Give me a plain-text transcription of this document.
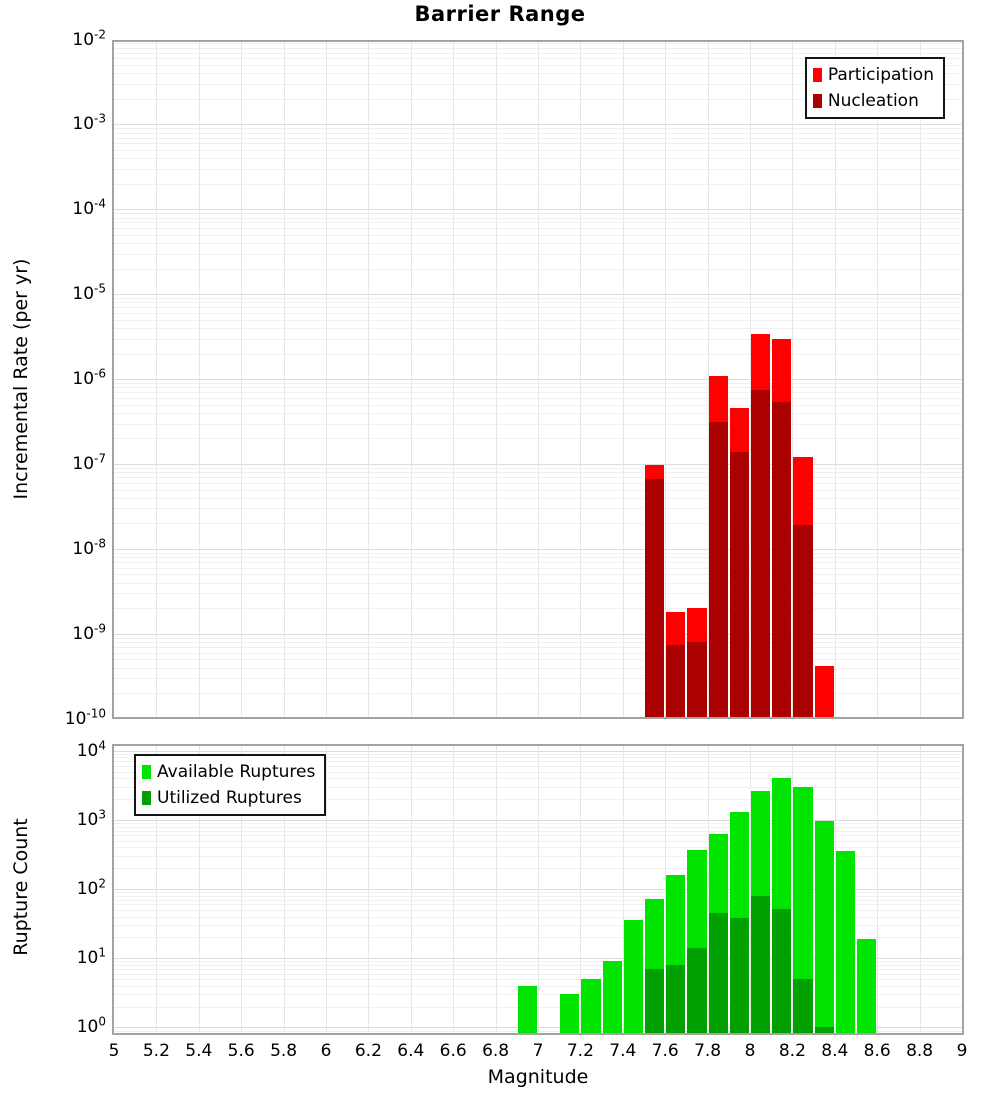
Barrier Range
Incremental Rate (per yr)
Rupture Count
Participation
Nucleation
Available Ruptures
Utilized Ruptures
Magnitude
$10^{-2}$
$10^{-3}$
$10^{-4}$
$10^{-5}$
$10^{-6}$
$10^{-7}$
$10^{-8}$
$10^{-9}$
$10^{-10}$
$10^4$
$10^3$
$10^2$
$10^1$
$10^0$
5	5.2 5.4 5.6 5.8	6	6.2 6.4 6.6 6.8	7	7.2 7.4 7.6 7.8	8	8.2 8.4 8.6 8.8	9
